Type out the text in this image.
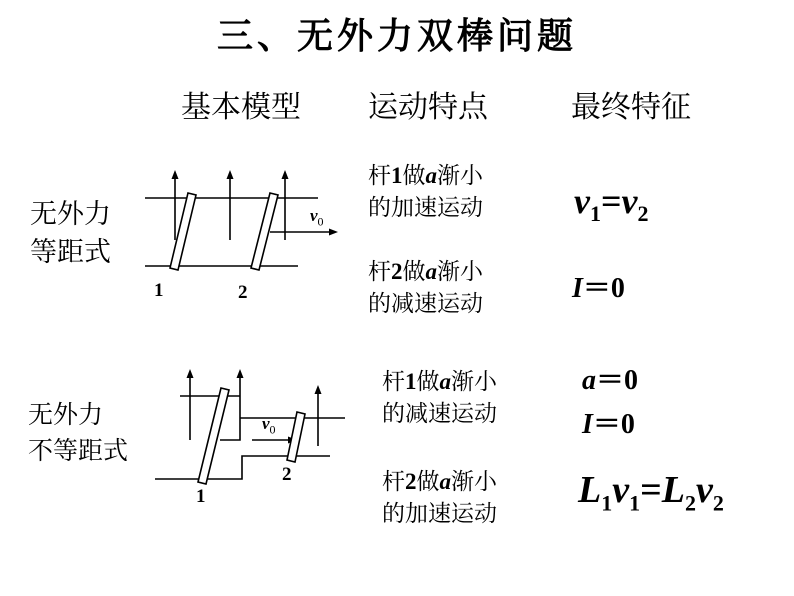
三、无外力双棒问题
基本模型 运动特点	最终特征
无外力
等距式
1	2
$v_0$
杆1做a渐小
的加速运动
杆2做a渐小
的减速运动
$v_1=v_2$
I＝0
无外力
不等距式
1
2
$v_0$
杆1做a渐小
的减速运动
杆2做a渐小
的加速运动
a＝0
I＝0
$L_1v_1=L_2v_2$
